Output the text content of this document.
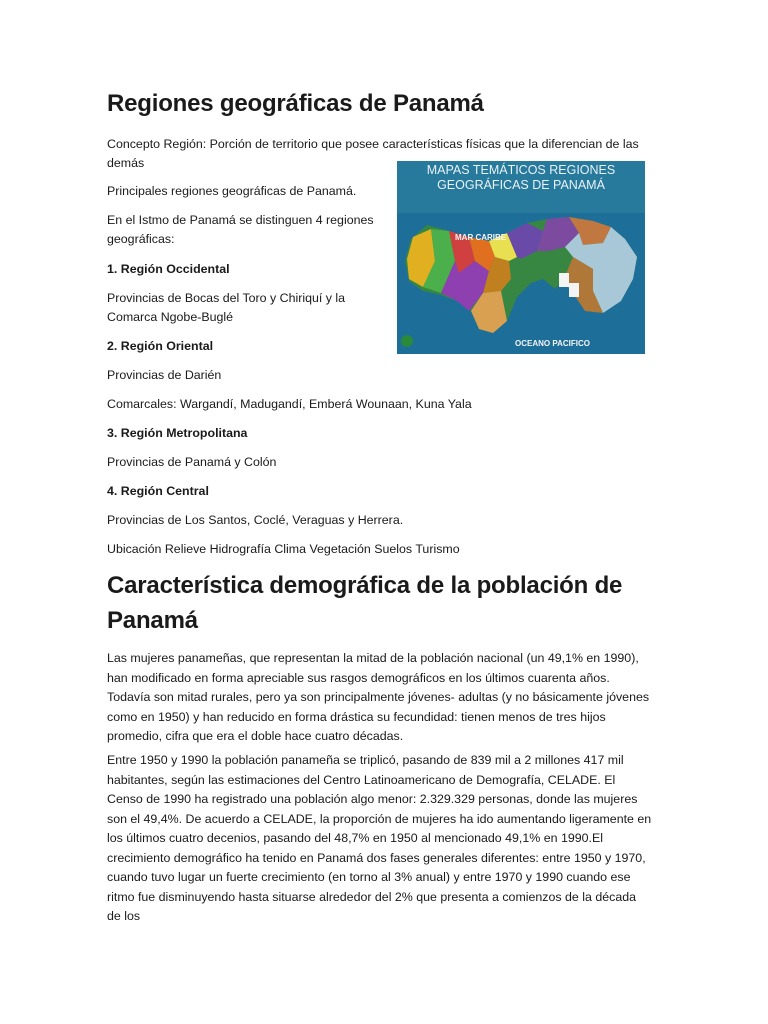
Regiones geográficas de Panamá

Concepto Región: Porción de territorio que posee características físicas que la diferencian de las demás

Principales regiones geográficas de Panamá.

En el Istmo de Panamá se distinguen 4 regiones geográficas:

1. Región Occidental

Provincias de Bocas del Toro y Chiriquí y la Comarca Ngobe-Buglé

2. Región Oriental

Provincias de Darién

Comarcales: Wargandí, Madugandí, Emberá Wounaan, Kuna Yala

3. Región Metropolitana

Provincias de Panamá y Colón

4. Región Central

Provincias de Los Santos, Coclé, Veraguas y Herrera.

Ubicación Relieve Hidrografía Clima Vegetación Suelos Turismo

MAPAS TEMÁTICOS REGIONES GEOGRÁFICAS DE PANAMÁ
MAR CARIBE
OCEANO PACIFICO
Característica demográfica de la población de Panamá

Las mujeres panameñas, que representan la mitad de la población nacional (un 49,1% en 1990), han modificado en forma apreciable sus rasgos demográficos en los últimos cuarenta años. Todavía son mitad rurales, pero ya son principalmente jóvenes- adultas (y no básicamente jóvenes como en 1950) y han reducido en forma drástica su fecundidad: tienen menos de tres hijos promedio, cifra que era el doble hace cuatro décadas.

Entre 1950 y 1990 la población panameña se triplicó, pasando de 839 mil a 2 millones 417 mil habitantes, según las estimaciones del Centro Latinoamericano de Demografía, CELADE. El Censo de 1990 ha registrado una población algo menor: 2.329.329 personas, donde las mujeres son el 49,4%. De acuerdo a CELADE, la proporción de mujeres ha ido aumentando ligeramente en los últimos cuatro decenios, pasando del 48,7% en 1950 al mencionado 49,1% en 1990.El crecimiento demográfico ha tenido en Panamá dos fases generales diferentes: entre 1950 y 1970, cuando tuvo lugar un fuerte crecimiento (en torno al 3% anual) y entre 1970 y 1990 cuando ese ritmo fue disminuyendo hasta situarse alrededor del 2% que presenta a comienzos de la década de los
